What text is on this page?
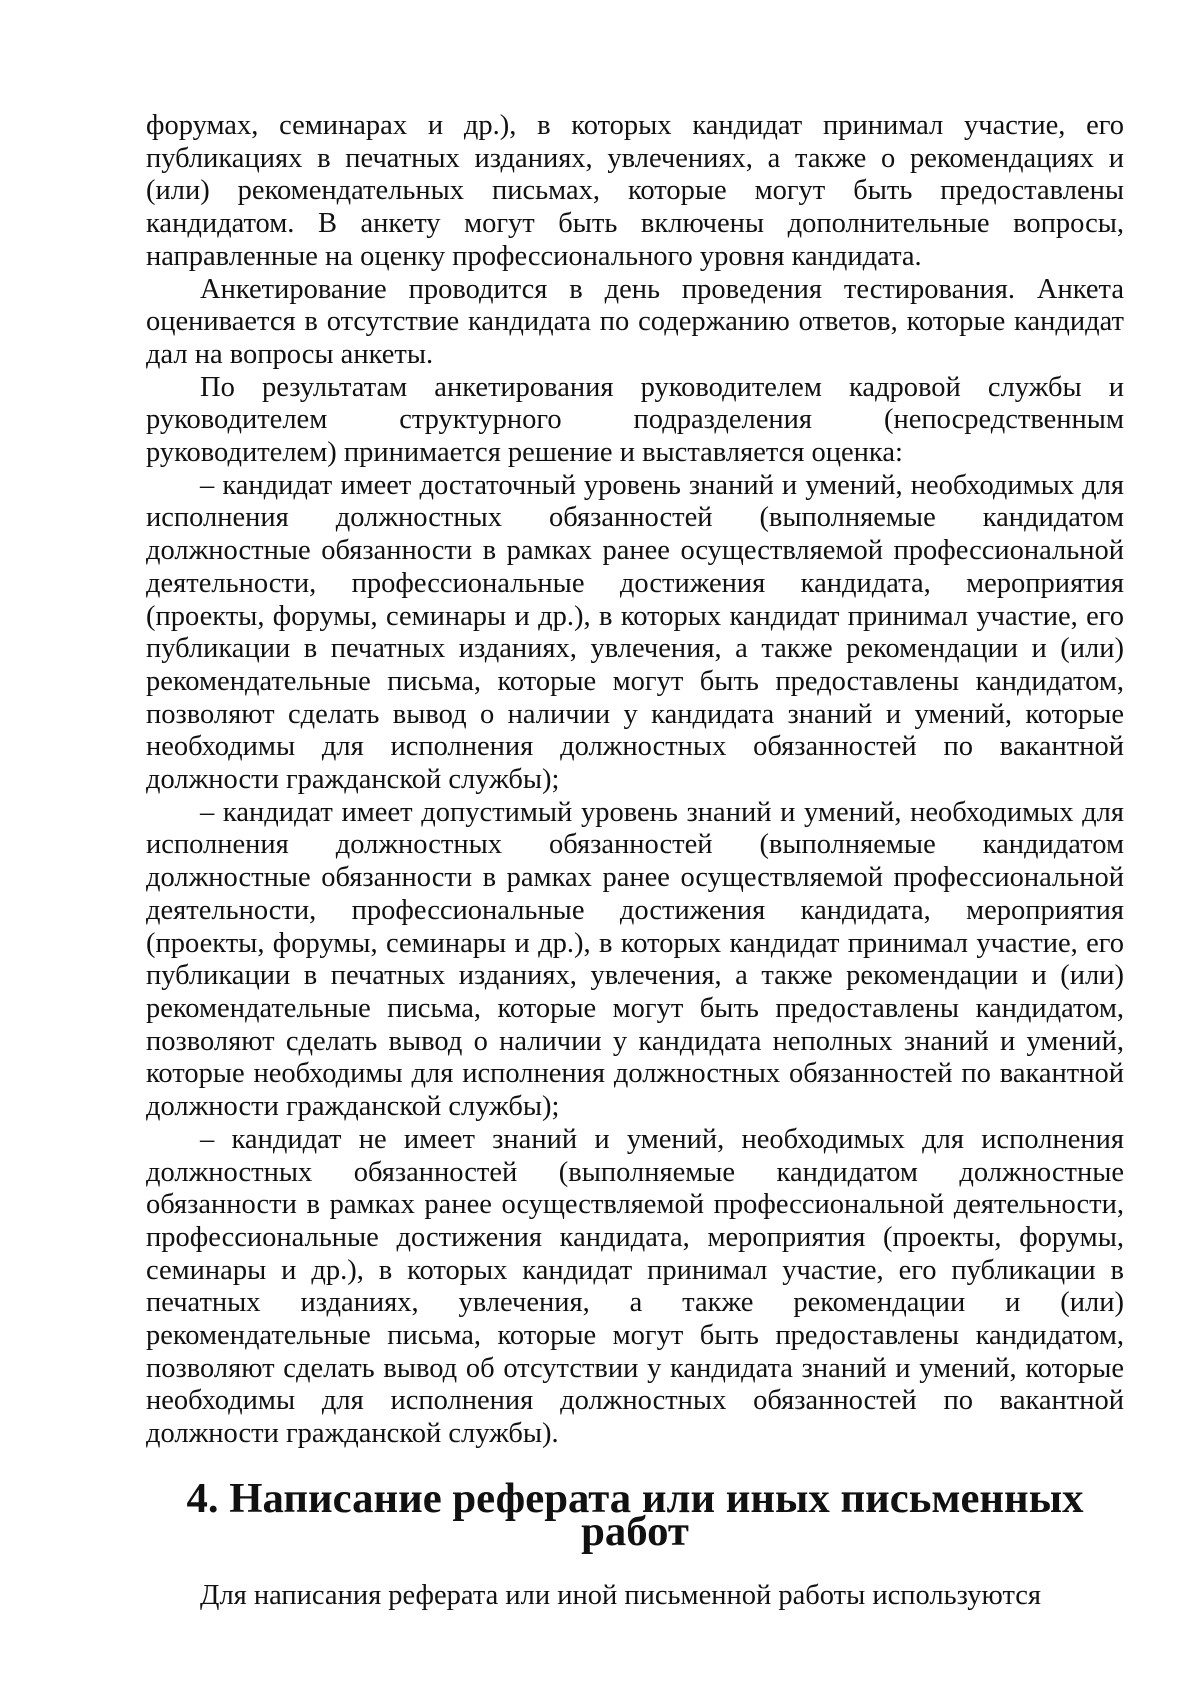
форумах, семинарах и др.), в которых кандидат принимал участие, его публикациях в печатных изданиях, увлечениях, а также о рекомендациях и (или) рекомендательных письмах, которые могут быть предоставлены кандидатом. В анкету могут быть включены дополнительные вопросы, направленные на оценку профессионального уровня кандидата.

Анкетирование проводится в день проведения тестирования. Анкета оценивается в отсутствие кандидата по содержанию ответов, которые кандидат дал на вопросы анкеты.

По результатам анкетирования руководителем кадровой службы и руководителем структурного подразделения (непосредственным руководителем) принимается решение и выставляется оценка:

– кандидат имеет достаточный уровень знаний и умений, необходимых для исполнения должностных обязанностей (выполняемые кандидатом должностные обязанности в рамках ранее осуществляемой профессиональной деятельности, профессиональные достижения кандидата, мероприятия (проекты, форумы, семинары и др.), в которых кандидат принимал участие, его публикации в печатных изданиях, увлечения, а также рекомендации и (или) рекомендательные письма, которые могут быть предоставлены кандидатом, позволяют сделать вывод о наличии у кандидата знаний и умений, которые необходимы для исполнения должностных обязанностей по вакантной должности гражданской службы);

– кандидат имеет допустимый уровень знаний и умений, необходимых для исполнения должностных обязанностей (выполняемые кандидатом должностные обязанности в рамках ранее осуществляемой профессиональной деятельности, профессиональные достижения кандидата, мероприятия (проекты, форумы, семинары и др.), в которых кандидат принимал участие, его публикации в печатных изданиях, увлечения, а также рекомендации и (или) рекомендательные письма, которые могут быть предоставлены кандидатом, позволяют сделать вывод о наличии у кандидата неполных знаний и умений, которые необходимы для исполнения должностных обязанностей по вакантной должности гражданской службы);

– кандидат не имеет знаний и умений, необходимых для исполнения должностных обязанностей (выполняемые кандидатом должностные обязанности в рамках ранее осуществляемой профессиональной деятельности, профессиональные достижения кандидата, мероприятия (проекты, форумы, семинары и др.), в которых кандидат принимал участие, его публикации в печатных изданиях, увлечения, а также рекомендации и (или) рекомендательные письма, которые могут быть предоставлены кандидатом, позволяют сделать вывод об отсутствии у кандидата знаний и умений, которые необходимы для исполнения должностных обязанностей по вакантной должности гражданской службы).

4. Написание реферата или иных письменных работ

Для написания реферата или иной письменной работы используются
